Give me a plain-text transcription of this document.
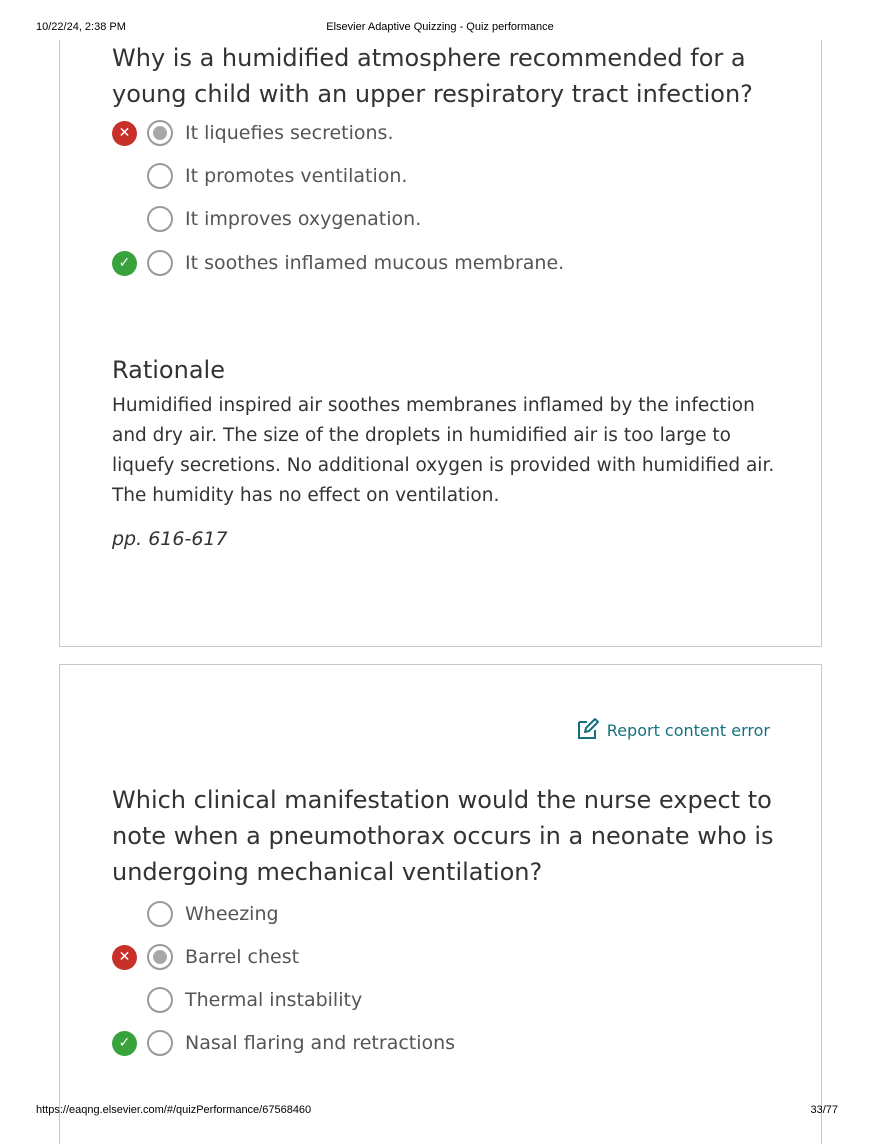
10/22/24, 2:38 PM	Elsevier Adaptive Quizzing - Quiz performance
Why is a humidified atmosphere recommended for a young child with an upper respiratory tract infection?
✕	It liquefies secretions.
It promotes ventilation.
It improves oxygenation.
✓	It soothes inflamed mucous membrane.
Rationale

Humidified inspired air soothes membranes inflamed by the infection and dry air. The size of the droplets in humidified air is too large to liquefy secretions. No additional oxygen is provided with humidified air. The humidity has no effect on ventilation.

pp. 616-617
Report content error
Which clinical manifestation would the nurse expect to note when a pneumothorax occurs in a neonate who is undergoing mechanical ventilation?
Wheezing
✕	Barrel chest
Thermal instability
✓	Nasal flaring and retractions
https://eaqng.elsevier.com/#/quizPerformance/67568460	33/77
